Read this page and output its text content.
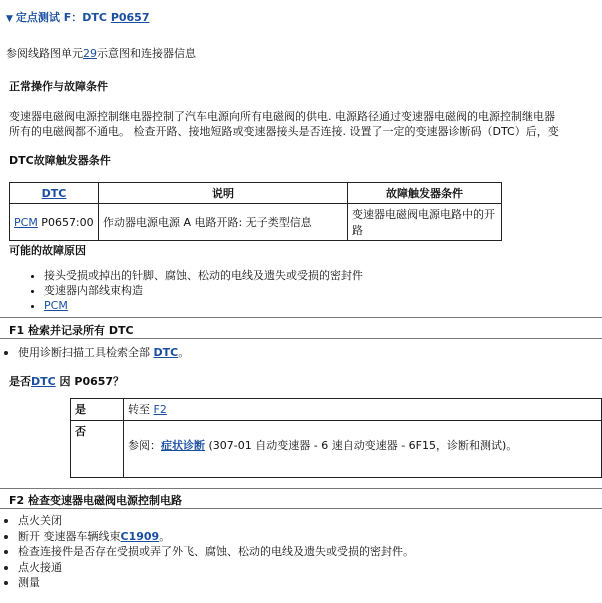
▼ 定点测试 F：DTC P0657
参阅线路图单元29示意图和连接器信息
正常操作与故障条件
变速器电磁阀电源控制继电器控制了汽车电源向所有电磁阀的供电. 电源路径通过变速器电磁阀的电源控制继电器
所有的电磁阀都不通电。 检查开路、接地短路或变速器接头是否连接. 设置了一定的变速器诊断码（DTC）后，变
DTC故障触发器条件
DTC	说明	故障触发器条件
PCM P0657:00	作动器电源电源 A 电路开路: 无子类型信息	变速器电磁阀电源电路中的开路
可能的故障原因
• 接头受损或掉出的针脚、腐蚀、松动的电线及遗失或受损的密封件
• 变速器内部线束构造
• PCM
F1 检索并记录所有 DTC
使用诊断扫描工具检索全部 DTC。
是否DTC 因 P0657？
是	转至 F2
否	参阅：症状诊断 (307-01 自动变速器 - 6 速自动变速器 - 6F15，诊断和测试)。
F2 检查变速器电磁阀电源控制电路
点火关闭
断开 变速器车辆线束C1909。
检查连接件是否存在受损或弄了外飞、腐蚀、松动的电线及遗失或受损的密封件。
点火接通
测量
